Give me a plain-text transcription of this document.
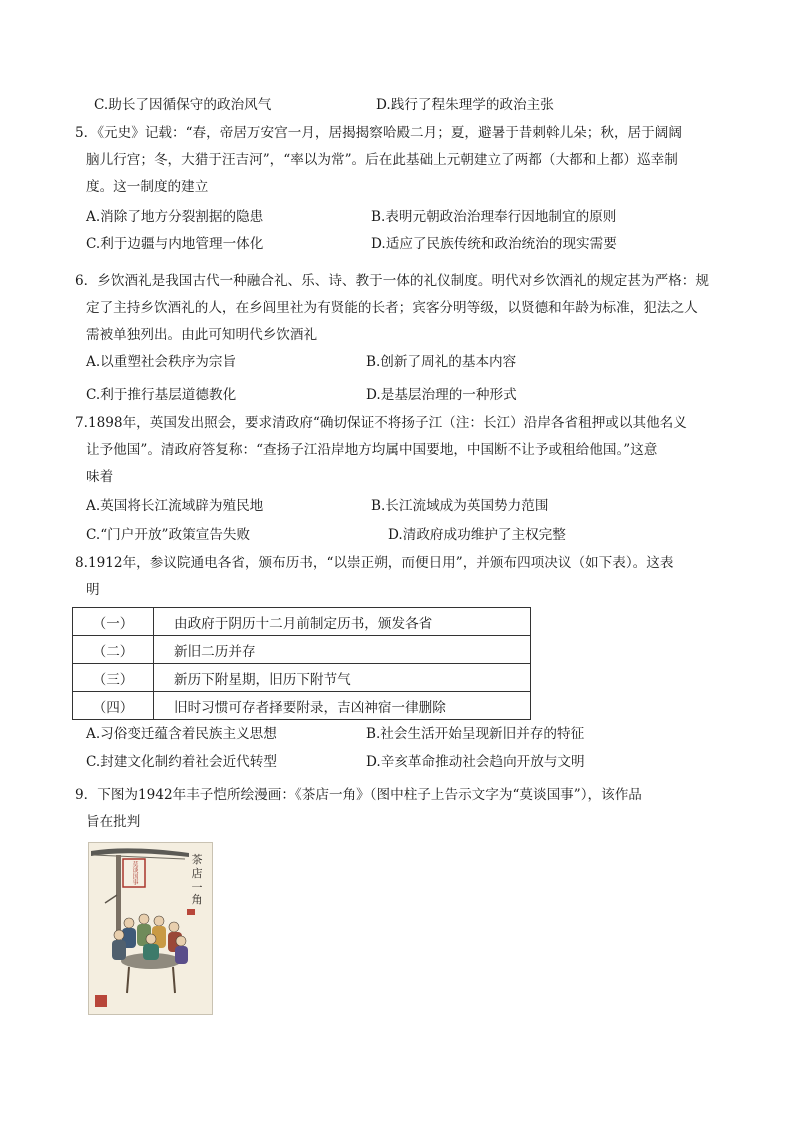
C.助长了因循保守的政治风气	D.践行了程朱理学的政治主张
5．《元史》记载：“春，帝居万安宫一月，居揭揭察哈殿二月；夏，避暑于昔刺斡儿朵；秋，居于阔阔
脑儿行宫；冬，大猎于汪吉河”，“率以为常”。后在此基础上元朝建立了两都（大都和上都）巡幸制
度。这一制度的建立
A.消除了地方分裂割据的隐患	B.表明元朝政治治理奉行因地制宜的原则
C.利于边疆与内地管理一体化	D.适应了民族传统和政治统治的现实需要
6．乡饮酒礼是我国古代一种融合礼、乐、诗、教于一体的礼仪制度。明代对乡饮酒礼的规定甚为严格：规
定了主持乡饮酒礼的人，在乡闾里社为有贤能的长者；宾客分明等级，以贤德和年龄为标准，犯法之人
需被单独列出。由此可知明代乡饮酒礼
A.以重塑社会秩序为宗旨	B.创新了周礼的基本内容
C.利于推行基层道德教化	D.是基层治理的一种形式
7.1898年，英国发出照会，要求清政府“确切保证不将扬子江（注：长江）沿岸各省租押或以其他名义
让予他国”。清政府答复称：“查扬子江沿岸地方均属中国要地，中国断不让予或租给他国。”这意
味着
A.英国将长江流域辟为殖民地	B.长江流域成为英国势力范围
C.“门户开放”政策宣告失败	D.清政府成功维护了主权完整
8.1912年，参议院通电各省，颁布历书，“以崇正朔，而便日用”，并颁布四项决议（如下表）。这表
明
（一）	由政府于阴历十二月前制定历书，颁发各省
（二）	新旧二历并存
（三）	新历下附星期，旧历下附节气
（四）	旧时习惯可存者择要附录，吉凶神宿一律删除
A.习俗变迁蕴含着民族主义思想	B.社会生活开始呈现新旧并存的特征
C.封建文化制约着社会近代转型	D.辛亥革命推动社会趋向开放与文明
9．下图为1942年丰子恺所绘漫画：《茶店一角》（图中柱子上告示文字为“莫谈国事”），该作品
旨在批判
茶
店
一
角
莫谈国事
